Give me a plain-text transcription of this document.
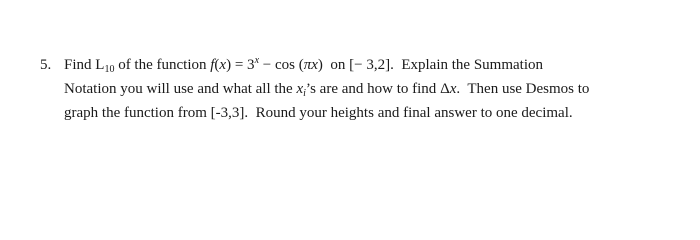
5. Find $L_{10}$ of the function $f(x) = 3^x - \cos (\pi x)$  on [− 3,2].  Explain the Summation
Notation you will use and what all the $x_i’s$ are and how to find Δx.  Then use Desmos to
graph the function from [-3,3].  Round your heights and final answer to one decimal.
